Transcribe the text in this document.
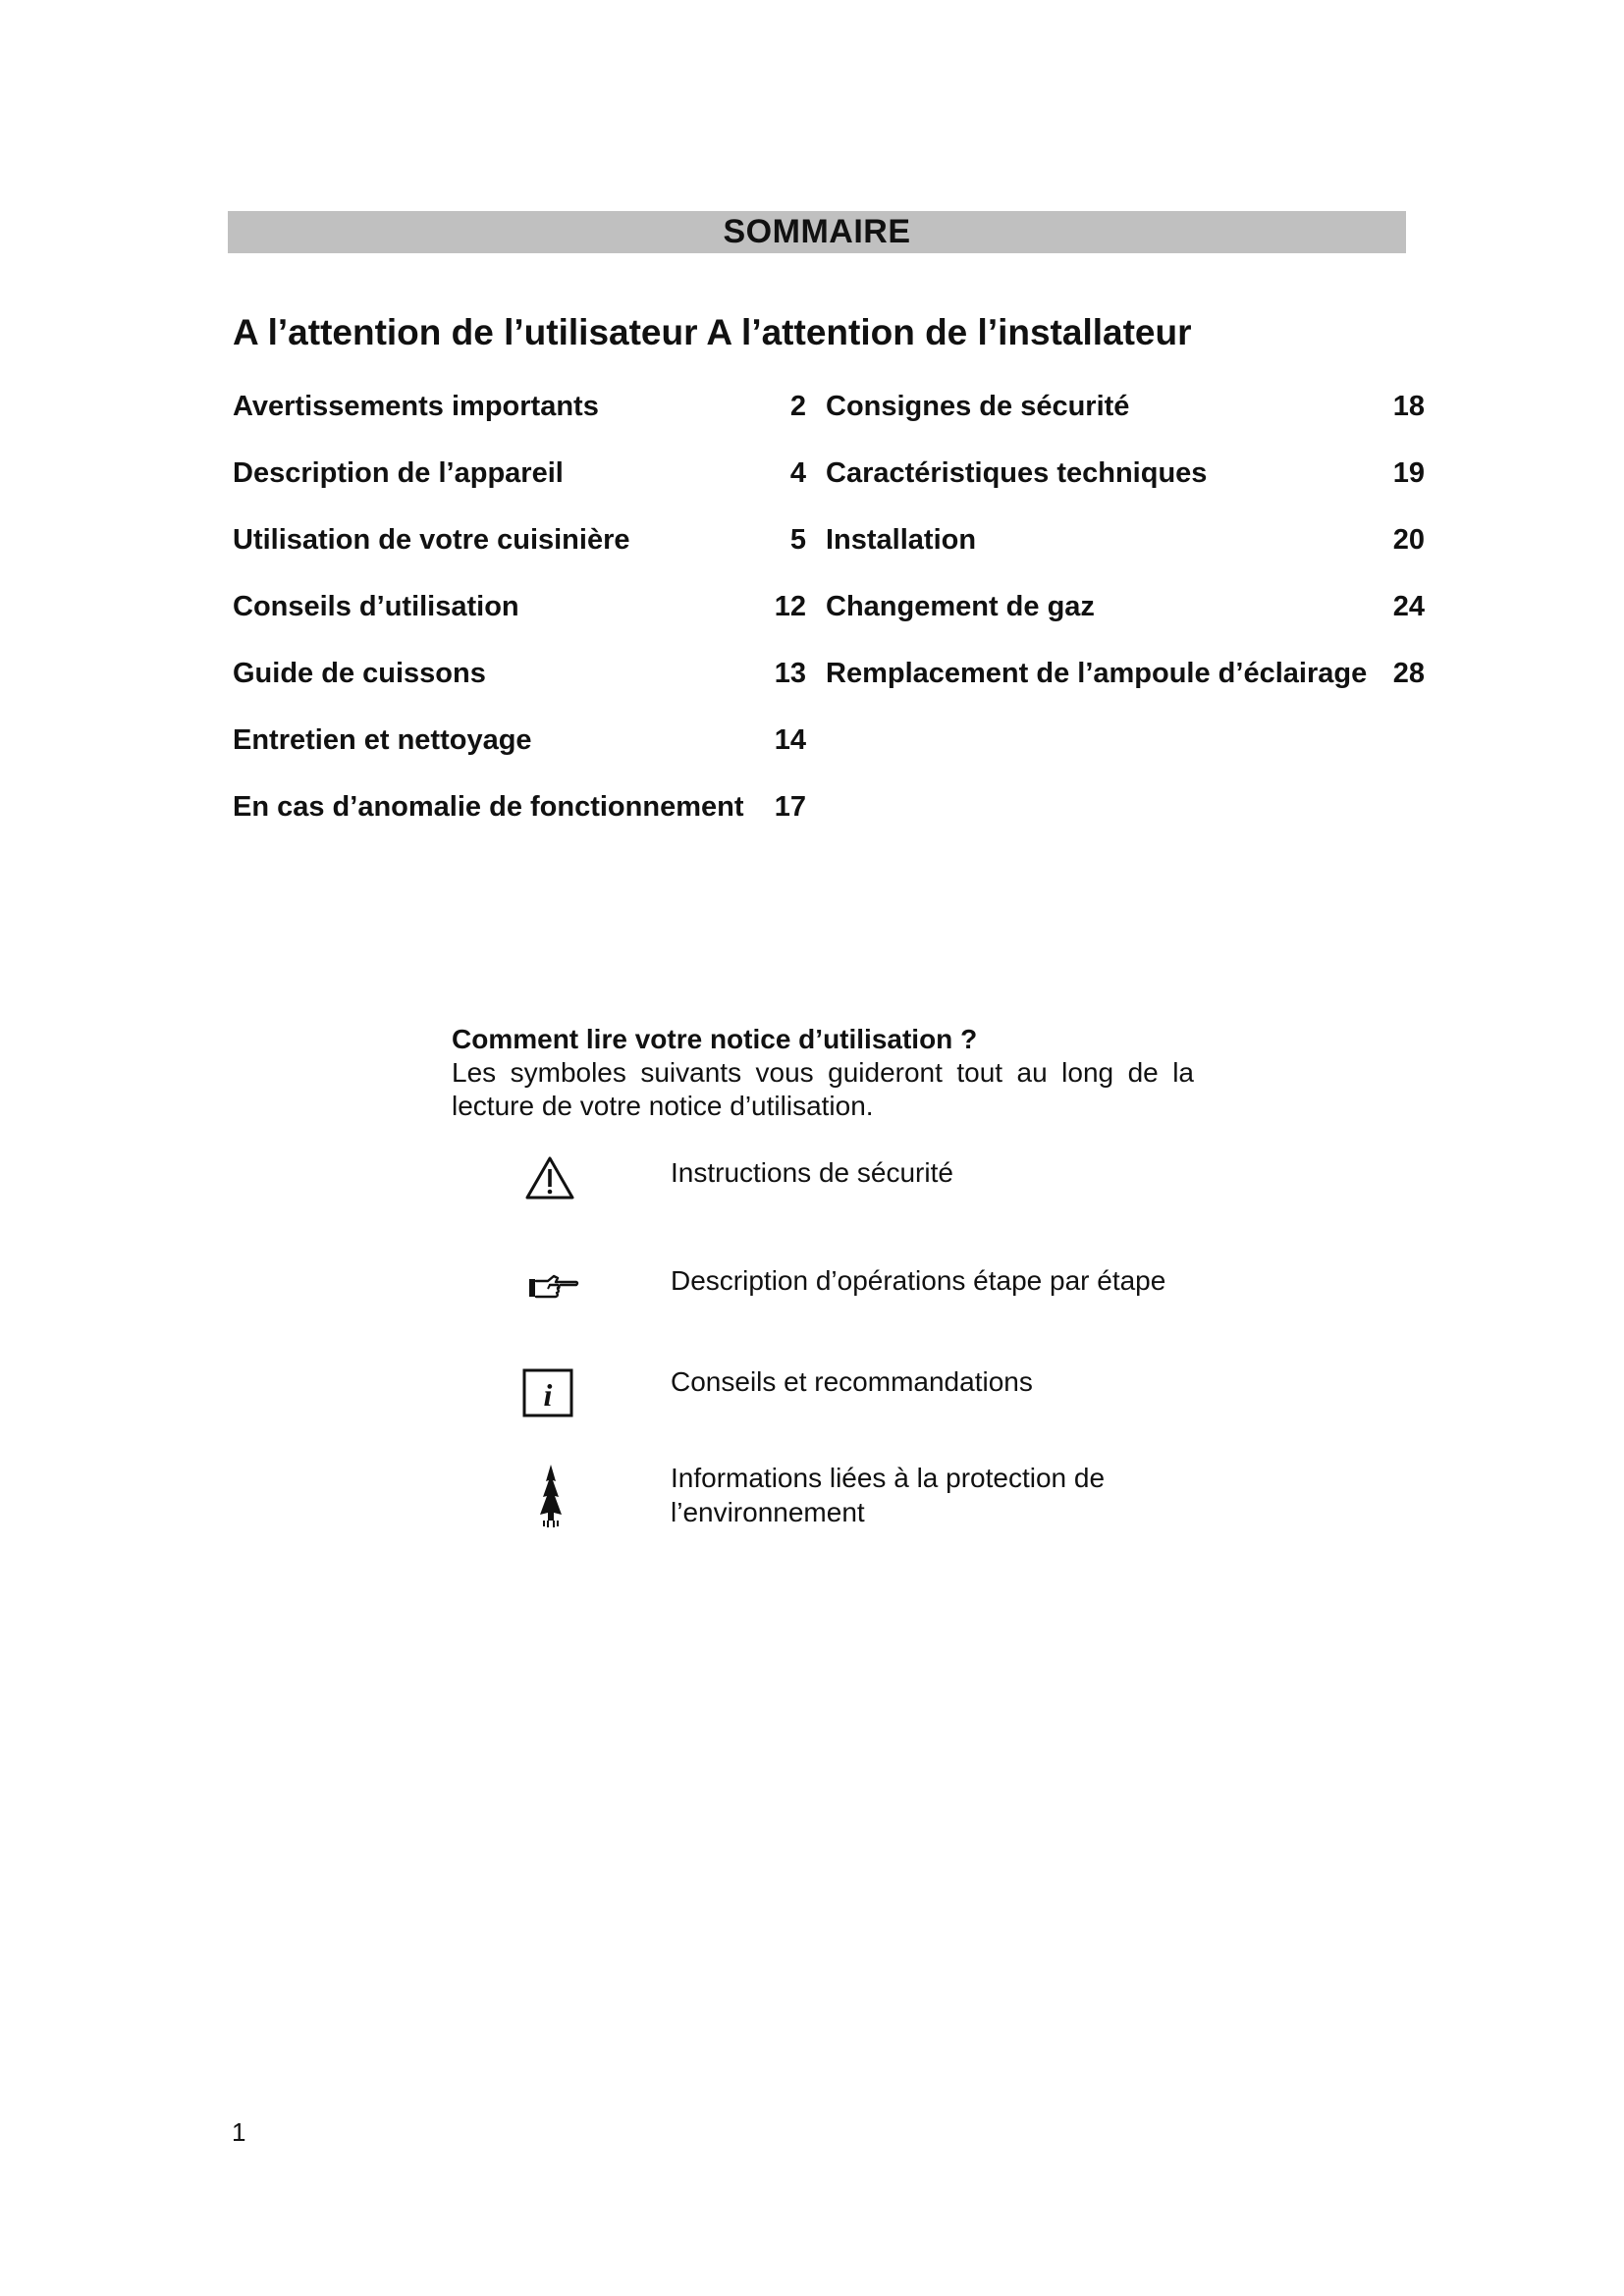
SOMMAIRE
A l’attention de l’utilisateur A l’attention de l’installateur
Avertissements importants	2
Description de l’appareil	4
Utilisation de votre cuisinière	5
Conseils d’utilisation	12
Guide de cuissons	13
Entretien et nettoyage	14
En cas d’anomalie de fonctionnement 17
Consignes de sécurité	18
Caractéristiques techniques	19
Installation	20
Changement de gaz	24
Remplacement de l’ampoule d’éclairage 28
Comment lire votre notice d’utilisation ?
Les symboles suivants vous guideront tout au long de la lecture de votre notice d’utilisation.
Instructions de sécurité
Description d’opérations étape par étape
i	Conseils et recommandations
Informations liées à la protection de l’environnement
1
